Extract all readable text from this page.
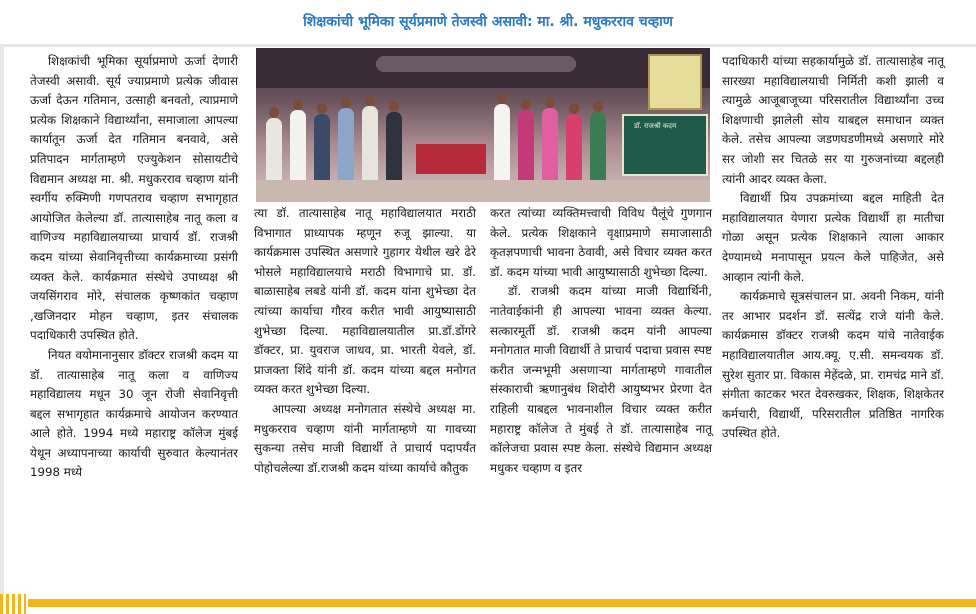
शिक्षकांची भूमिका सूर्यप्रमाणे तेजस्वी असावी: मा. श्री. मधुकरराव चव्हाण

शिक्षकांची भूमिका सूर्याप्रमाणे ऊर्जा देणारी तेजस्वी असावी. सूर्य ज्याप्रमाणे प्रत्येक जीवास ऊर्जा देऊन गतिमान, उत्साही बनवतो, त्याप्रमाणे प्रत्येक शिक्षकाने विद्यार्थ्यांना, समाजाला आपल्या कार्यातून ऊर्जा देत गतिमान बनवावे, असे प्रतिपादन मार्गताम्हणे एज्युकेशन सोसायटीचे विद्यमान अध्यक्ष मा. श्री. मधुकरराव चव्हाण यांनी स्वर्गीय रुक्मिणी गणपतराव चव्हाण सभागृहात आयोजित केलेल्या डॉ. तात्यासाहेब नातू कला व वाणिज्य महाविद्यालयाच्या प्राचार्य डॉ. राजश्री कदम यांच्या सेवानिवृत्तीच्या कार्यक्रमाच्या प्रसंगी व्यक्त केले. कार्यक्रमात संस्थेचे उपाध्यक्ष श्री जयसिंगराव मोरे, संचालक कृष्णकांत चव्हाण ,खजिनदार मोहन चव्हाण, इतर संचालक पदाधिकारी उपस्थित होते.

नियत वयोमानानुसार डॉक्टर राजश्री कदम या डॉ. तात्यासाहेब नातू कला व वाणिज्य महाविद्यालय मधून 30 जून रोजी सेवानिवृत्ती बद्दल सभागृहात कार्यक्रमाचे आयोजन करण्यात आले होते. 1994 मध्ये महाराष्ट्र कॉलेज मुंबई येथून अध्यापनाच्या कार्याची सुरुवात केल्यानंतर 1998 मध्ये

डॉ. राजश्री कदम

त्या डॉ. तात्यासाहेब नातू महाविद्यालयात मराठी विभागात प्राध्यापक म्हणून रुजू झाल्या. या कार्यक्रमास उपस्थित असणारे गुहागर येथील खरे ढेरे भोसले महाविद्यालयाचे मराठी विभागाचे प्रा. डॉ. बाळासाहेब लबडे यांनी डॉ. कदम यांना शुभेच्छा देत त्यांच्या कार्याचा गौरव करीत भावी आयुष्यासाठी शुभेच्छा दिल्या. महाविद्यालयातील प्रा.डॉ.डोंगरे डॉक्टर, प्रा. युवराज जाधव, प्रा. भारती येवले, डॉ. प्राजक्ता शिंदे यांनी डॉ. कदम यांच्या बद्दल मनोगत व्यक्त करत शुभेच्छा दिल्या.

आपल्या अध्यक्ष मनोगतात संस्थेचे अध्यक्ष मा. मधुकरराव चव्हाण यांनी मार्गताम्हणे या गावच्या सुकन्या तसेच माजी विद्यार्थी ते प्राचार्य पदापर्यंत पोहोचलेल्या डॉ.राजश्री कदम यांच्या कार्याचे कौतुक

करत त्यांच्या व्यक्तिमत्त्वाची विविध पैलूंचे गुणगान केले. प्रत्येक शिक्षकाने वृक्षाप्रमाणे समाजासाठी कृतज्ञपणाची भावना ठेवावी, असे विचार व्यक्त करत डॉ. कदम यांच्या भावी आयुष्यासाठी शुभेच्छा दिल्या.

डॉ. राजश्री कदम यांच्या माजी विद्यार्थिनी, नातेवाईकांनी ही आपल्या भावना व्यक्त केल्या. सत्कारमूर्ती डॉ. राजश्री कदम यांनी आपल्या मनोगतात माजी विद्यार्थी ते प्राचार्य पदाचा प्रवास स्पष्ट करीत जन्मभूमी असणाऱ्या मार्गताम्हणे गावातील संस्काराची ऋणानुबंध शिदोरी आयुष्यभर प्रेरणा देत राहिली याबद्दल भावनाशील विचार व्यक्त करीत महाराष्ट्र कॉलेज ते मुंबई ते डॉ. तात्यासाहेब नातू कॉलेजचा प्रवास स्पष्ट केला. संस्थेचे विद्यमान अध्यक्ष मधुकर चव्हाण व इतर

पदाधिकारी यांच्या सहकार्यामुळे डॉ. तात्यासाहेब नातू सारख्या महाविद्यालयाची निर्मिती कशी झाली व त्यामुळे आजूबाजूच्या परिसरातील विद्यार्थ्यांना उच्च शिक्षणाची झालेली सोय याबद्दल समाधान व्यक्त केले. तसेच आपल्या जडणघडणीमध्ये असणारे मोरे सर जोशी सर चितळे सर या गुरुजनांच्या बद्दलही त्यांनी आदर व्यक्त केला.

विद्यार्थी प्रिय उपक्रमांच्या बद्दल माहिती देत महाविद्यालयात येणारा प्रत्येक विद्यार्थी हा मातीचा गोळा असून प्रत्येक शिक्षकाने त्याला आकार देण्यामध्ये मनापासून प्रयत्न केले पाहिजेत, असे आव्हान त्यांनी केले.

कार्यक्रमाचे सूत्रसंचालन प्रा. अवनी निकम, यांनी तर आभार प्रदर्शन डॉ. सत्येंद्र राजे यांनी केले. कार्यक्रमास डॉक्टर राजश्री कदम यांचे नातेवाईक महाविद्यालयातील आय.क्यू. ए.सी. समन्वयक डॉ. सुरेश सुतार प्रा. विकास मेहेंदळे, प्रा. रामचंद्र माने डॉ. संगीता काटकर भरत देवरुखकर, शिक्षक, शिक्षकेतर कर्मचारी, विद्यार्थी, परिसरातील प्रतिष्ठित नागरिक उपस्थित होते.
